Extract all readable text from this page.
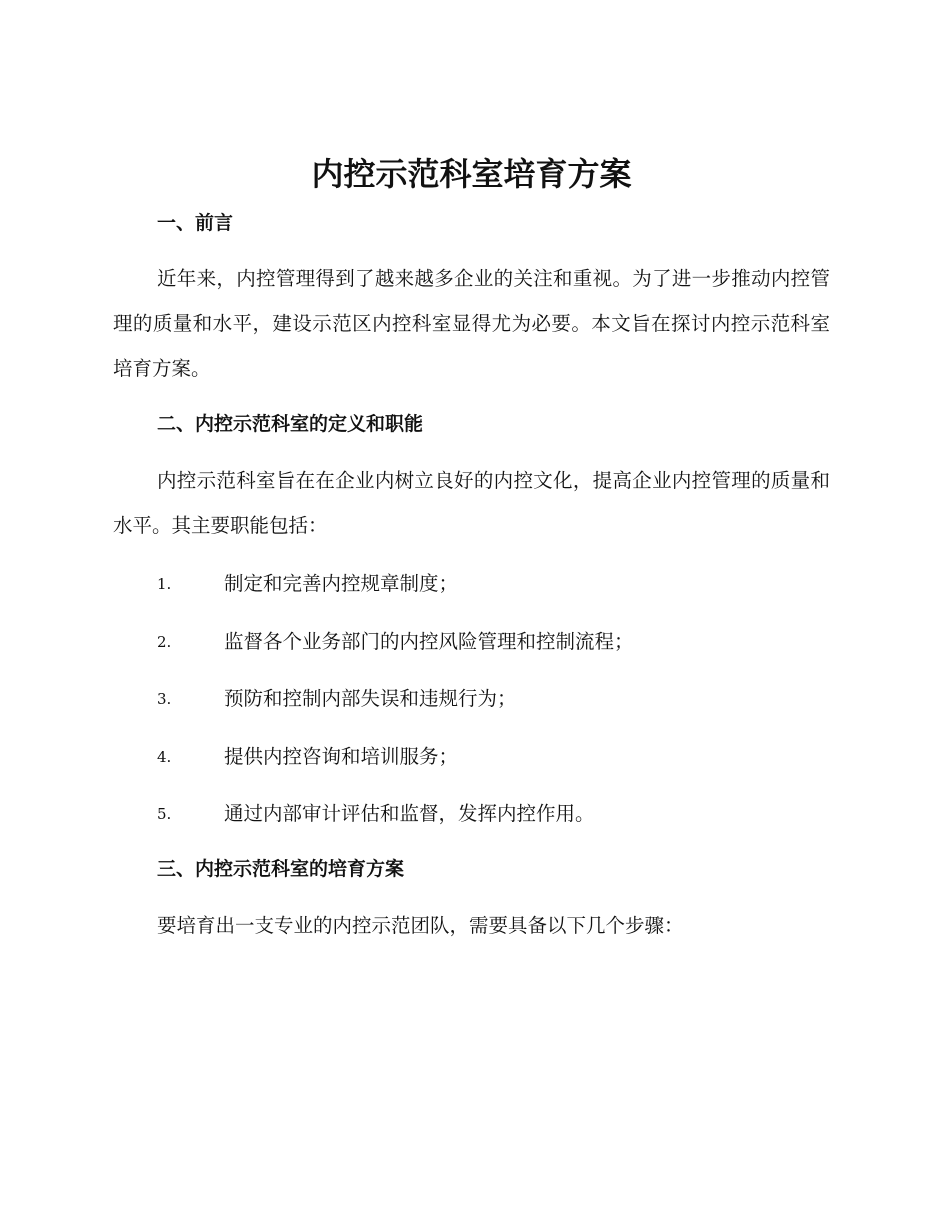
内控示范科室培育方案
一、前言

近年来，内控管理得到了越来越多企业的关注和重视。为了进一步推动内控管理的质量和水平，建设示范区内控科室显得尤为必要。本文旨在探讨内控示范科室培育方案。

二、内控示范科室的定义和职能

内控示范科室旨在在企业内树立良好的内控文化，提高企业内控管理的质量和水平。其主要职能包括：

1.	制定和完善内控规章制度；
2.	监督各个业务部门的内控风险管理和控制流程；
3.	预防和控制内部失误和违规行为；
4.	提供内控咨询和培训服务；
5.	通过内部审计评估和监督，发挥内控作用。
三、内控示范科室的培育方案

要培育出一支专业的内控示范团队，需要具备以下几个步骤：
